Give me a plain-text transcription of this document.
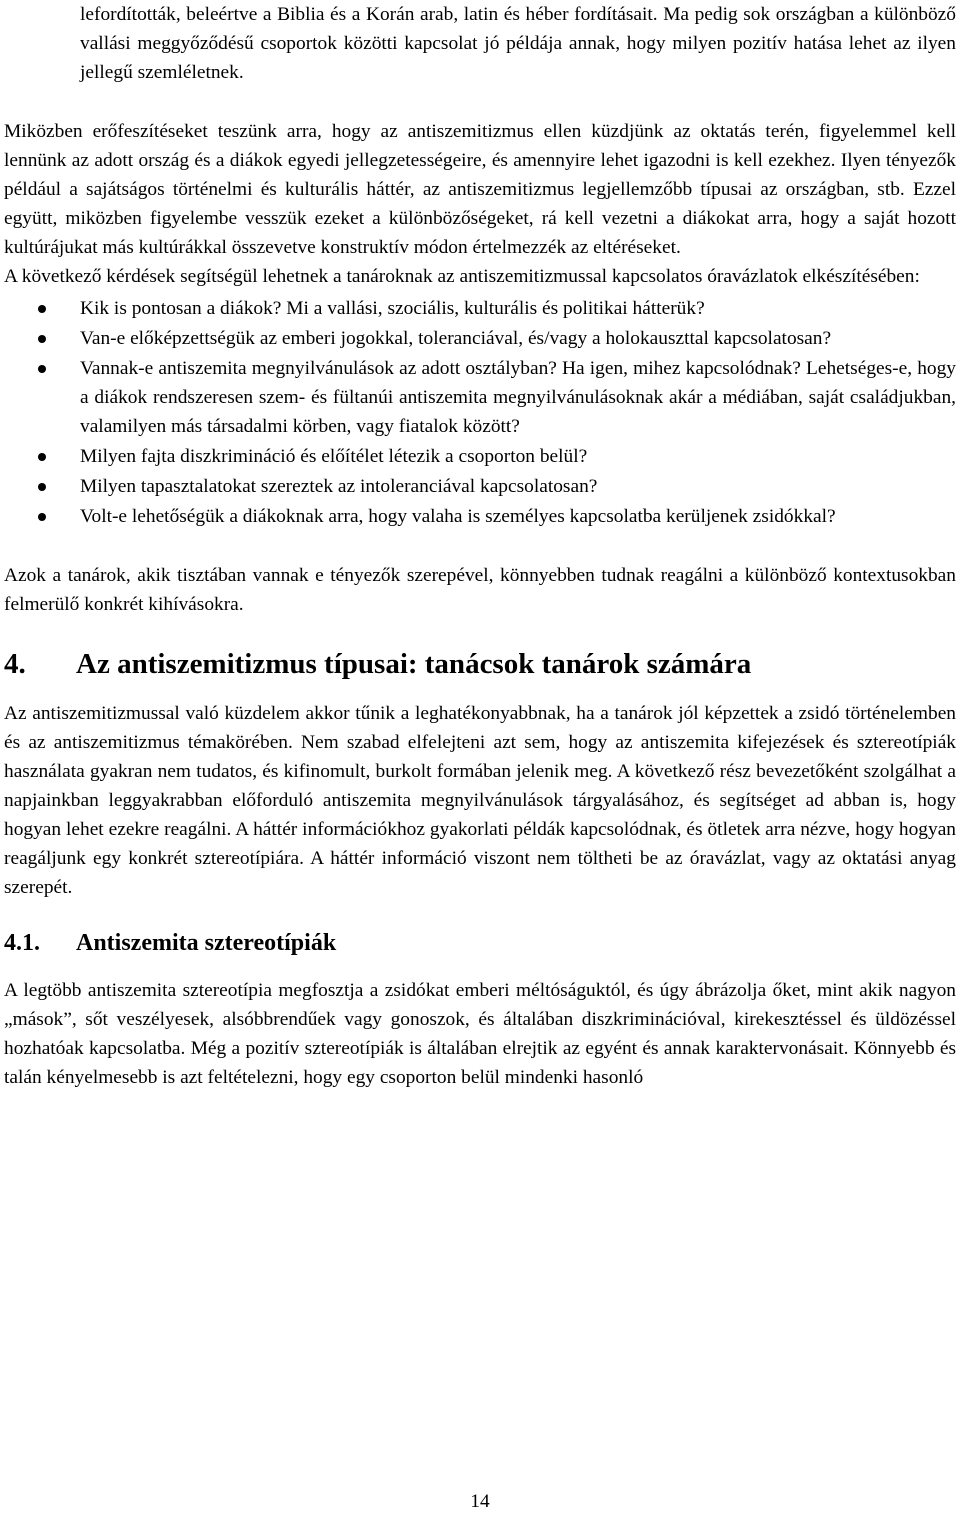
lefordították, beleértve a Biblia és a Korán arab, latin és héber fordításait. Ma pedig sok országban a különböző vallási meggyőződésű csoportok közötti kapcsolat jó példája annak, hogy milyen pozitív hatása lehet az ilyen jellegű szemléletnek.

Miközben erőfeszítéseket teszünk arra, hogy az antiszemitizmus ellen küzdjünk az oktatás terén, figyelemmel kell lennünk az adott ország és a diákok egyedi jellegzetességeire, és amennyire lehet igazodni is kell ezekhez. Ilyen tényezők például a sajátságos történelmi és kulturális háttér, az antiszemitizmus legjellemzőbb típusai az országban, stb. Ezzel együtt, miközben figyelembe vesszük ezeket a különbözőségeket, rá kell vezetni a diákokat arra, hogy a saját hozott kultúrájukat más kultúrákkal összevetve konstruktív módon értelmezzék az eltéréseket.

A következő kérdések segítségül lehetnek a tanároknak az antiszemitizmussal kapcsolatos óravázlatok elkészítésében:

Kik is pontosan a diákok? Mi a vallási, szociális, kulturális és politikai hátterük?
Van-e előképzettségük az emberi jogokkal, toleranciával, és/vagy a holokauszttal kapcsolatosan?
Vannak-e antiszemita megnyilvánulások az adott osztályban? Ha igen, mihez kapcsolódnak? Lehetséges-e, hogy a diákok rendszeresen szem- és fültanúi antiszemita megnyilvánulásoknak akár a médiában, saját családjukban, valamilyen más társadalmi körben, vagy fiatalok között?
Milyen fajta diszkrimináció és előítélet létezik a csoporton belül?
Milyen tapasztalatokat szereztek az intoleranciával kapcsolatosan?
Volt-e lehetőségük a diákoknak arra, hogy valaha is személyes kapcsolatba kerüljenek zsidókkal?

Azok a tanárok, akik tisztában vannak e tényezők szerepével, könnyebben tudnak reagálni a különböző kontextusokban felmerülő konkrét kihívásokra.

4.	Az antiszemitizmus típusai: tanácsok tanárok számára

Az antiszemitizmussal való küzdelem akkor tűnik a leghatékonyabbnak, ha a tanárok jól képzettek a zsidó történelemben és az antiszemitizmus témakörében. Nem szabad elfelejteni azt sem, hogy az antiszemita kifejezések és sztereotípiák használata gyakran nem tudatos, és kifinomult, burkolt formában jelenik meg. A következő rész bevezetőként szolgálhat a napjainkban leggyakrabban előforduló antiszemita megnyilvánulások tárgyalásához, és segítséget ad abban is, hogy hogyan lehet ezekre reagálni. A háttér információkhoz gyakorlati példák kapcsolódnak, és ötletek arra nézve, hogy hogyan reagáljunk egy konkrét sztereotípiára. A háttér információ viszont nem töltheti be az óravázlat, vagy az oktatási anyag szerepét.

4.1.	Antiszemita sztereotípiák

A legtöbb antiszemita sztereotípia megfosztja a zsidókat emberi méltóságuktól, és úgy ábrázolja őket, mint akik nagyon „mások”, sőt veszélyesek, alsóbbrendűek vagy gonoszok, és általában diszkriminációval, kirekesztéssel és üldözéssel hozhatóak kapcsolatba. Még a pozitív sztereotípiák is általában elrejtik az egyént és annak karaktervonásait. Könnyebb és talán kényelmesebb is azt feltételezni, hogy egy csoporton belül mindenki hasonló

14
